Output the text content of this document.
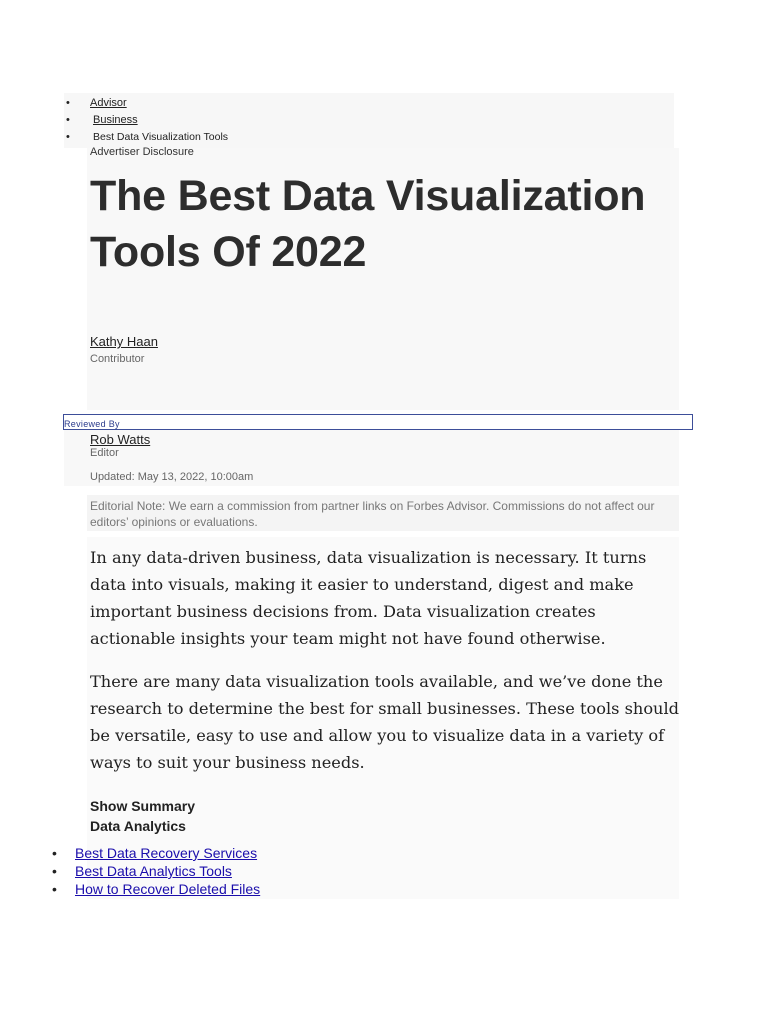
• Advisor
• Business
• Best Data Visualization Tools
Advertiser Disclosure
The Best Data Visualization Tools Of 2022
Kathy Haan
Contributor
Reviewed By
Rob Watts
Editor
Updated: May 13, 2022, 10:00am
Editorial Note: We earn a commission from partner links on Forbes Advisor. Commissions do not affect our editors’ opinions or evaluations.

In any data-driven business, data visualization is necessary. It turns data into visuals, making it easier to understand, digest and make important business decisions from. Data visualization creates actionable insights your team might not have found otherwise.

There are many data visualization tools available, and we’ve done the research to determine the best for small businesses. These tools should be versatile, easy to use and allow you to visualize data in a variety of ways to suit your business needs.

Show Summary
Data Analytics
• Best Data Recovery Services
• Best Data Analytics Tools
• How to Recover Deleted Files
